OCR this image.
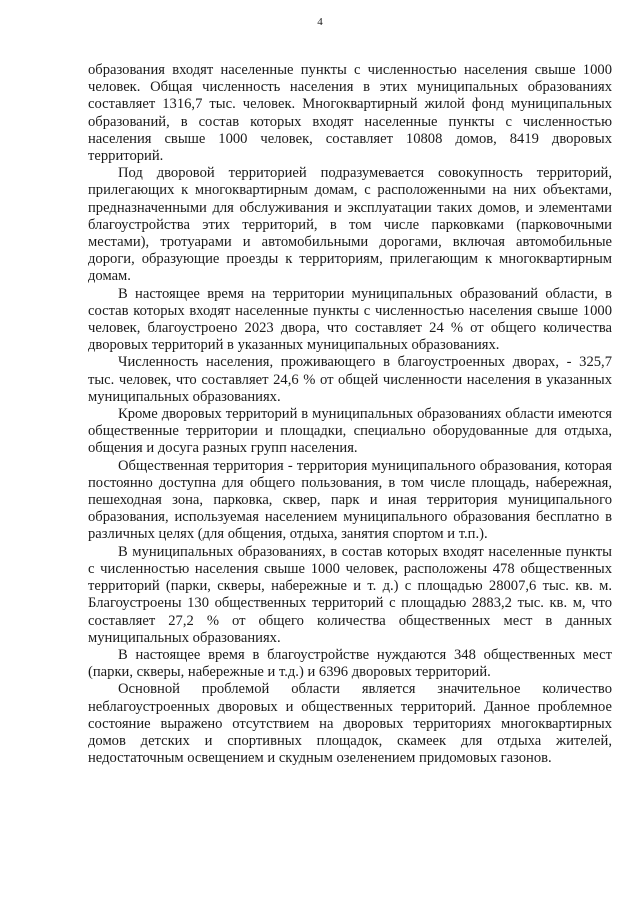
4

образования входят населенные пункты с численностью населения свыше 1000 человек. Общая численность населения в этих муниципальных образованиях составляет 1316,7 тыс. человек. Многоквартирный жилой фонд муниципальных образований, в состав которых входят населенные пункты с численностью населения свыше 1000 человек, составляет 10808 домов, 8419 дворовых территорий.

Под дворовой территорией подразумевается совокупность территорий, прилегающих к многоквартирным домам, с расположенными на них объектами, предназначенными для обслуживания и эксплуатации таких домов, и элементами благоустройства этих территорий, в том числе парковками (парковочными местами), тротуарами и автомобильными дорогами, включая автомобильные дороги, образующие проезды к территориям, прилегающим к многоквартирным домам.

В настоящее время на территории муниципальных образований области, в состав которых входят населенные пункты с численностью населения свыше 1000 человек, благоустроено 2023 двора, что составляет 24 % от общего количества дворовых территорий в указанных муниципальных образованиях.

Численность населения, проживающего в благоустроенных дворах, - 325,7 тыс. человек, что составляет 24,6 % от общей численности населения в указанных муниципальных образованиях.

Кроме дворовых территорий в муниципальных образованиях области имеются общественные территории и площадки, специально оборудованные для отдыха, общения и досуга разных групп населения.

Общественная территория - территория муниципального образования, которая постоянно доступна для общего пользования, в том числе площадь, набережная, пешеходная зона, парковка, сквер, парк и иная территория муниципального образования, используемая населением муниципального образования бесплатно в различных целях (для общения, отдыха, занятия спортом и т.п.).

В муниципальных образованиях, в состав которых входят населенные пункты с численностью населения свыше 1000 человек, расположены 478 общественных территорий (парки, скверы, набережные и т. д.) с площадью 28007,6 тыс. кв. м. Благоустроены 130 общественных территорий с площадью 2883,2 тыс. кв. м, что составляет 27,2 % от общего количества общественных мест в данных муниципальных образованиях.

В настоящее время в благоустройстве нуждаются 348 общественных мест (парки, скверы, набережные и т.д.) и 6396 дворовых территорий.

Основной проблемой области является значительное количество неблагоустроенных дворовых и общественных территорий. Данное проблемное состояние выражено отсутствием на дворовых территориях многоквартирных домов детских и спортивных площадок, скамеек для отдыха жителей, недостаточным освещением и скудным озеленением придомовых газонов.
